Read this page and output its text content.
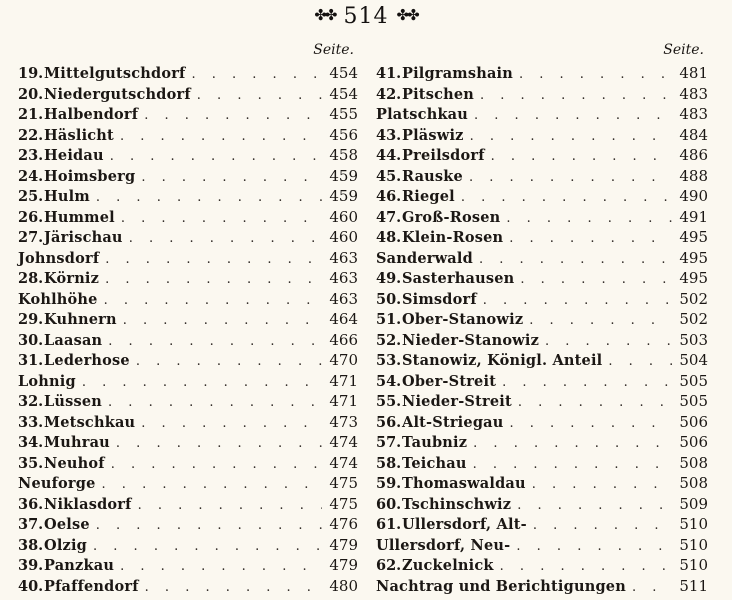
✤✤ 514 ✤✤
Seite.
19. Mittelgutschdorf . . .	454
20. Niedergutschdorf . . .	454
21. Halbendorf . . .	455
22. Häslicht . . .	456
23. Heidau . . .	458
24. Hoimsberg . . .	459
25. Hulm . . .	459
26. Hummel . . .	460
27. Järischau . . .	460
Johnsdorf . . .	463
28. Körniz . . .	463
Kohlhöhe . . .	463
29. Kuhnern . . .	464
30. Laasan . . .	466
31. Lederhose . . .	470
Lohnig . . .	471
32. Lüssen . . .	471
33. Metschkau . . .	473
34. Muhrau . . .	474
35. Neuhof . . .	474
Neuforge . . .	475
36. Niklasdorf . . .	475
37. Oelse . . .	476
38. Olzig . . .	479
39. Panzkau . . .	479
40. Pfaffendorf . . .	480
Seite.
41. Pilgramshain . . .	481
42. Pitschen . . .	483
Platschkau . . .	483
43. Pläswiz . . .	484
44. Preilsdorf . . .	486
45. Rauske . . .	488
46. Riegel . . .	490
47. Groß-Rosen . . .	491
48. Klein-Rosen . . .	495
Sanderwald . . .	495
49. Sasterhausen . . .	495
50. Simsdorf . . .	502
51. Ober-Stanowiz . . .	502
52. Nieder-Stanowiz . . .	503
53. Stanowiz, Königl. Anteil . . .	504
54. Ober-Streit . . .	505
55. Nieder-Streit . . .	505
56. Alt-Striegau . . .	506
57. Taubniz . . .	506
58. Teichau . . .	508
59. Thomaswaldau . . .	508
60. Tschinschwiz . . .	509
61. Ullersdorf, Alt- . . .	510
Ullersdorf, Neu- . . .	510
62. Zuckelnick . . .	510
Nachtrag und Berichtigungen . . .	511
